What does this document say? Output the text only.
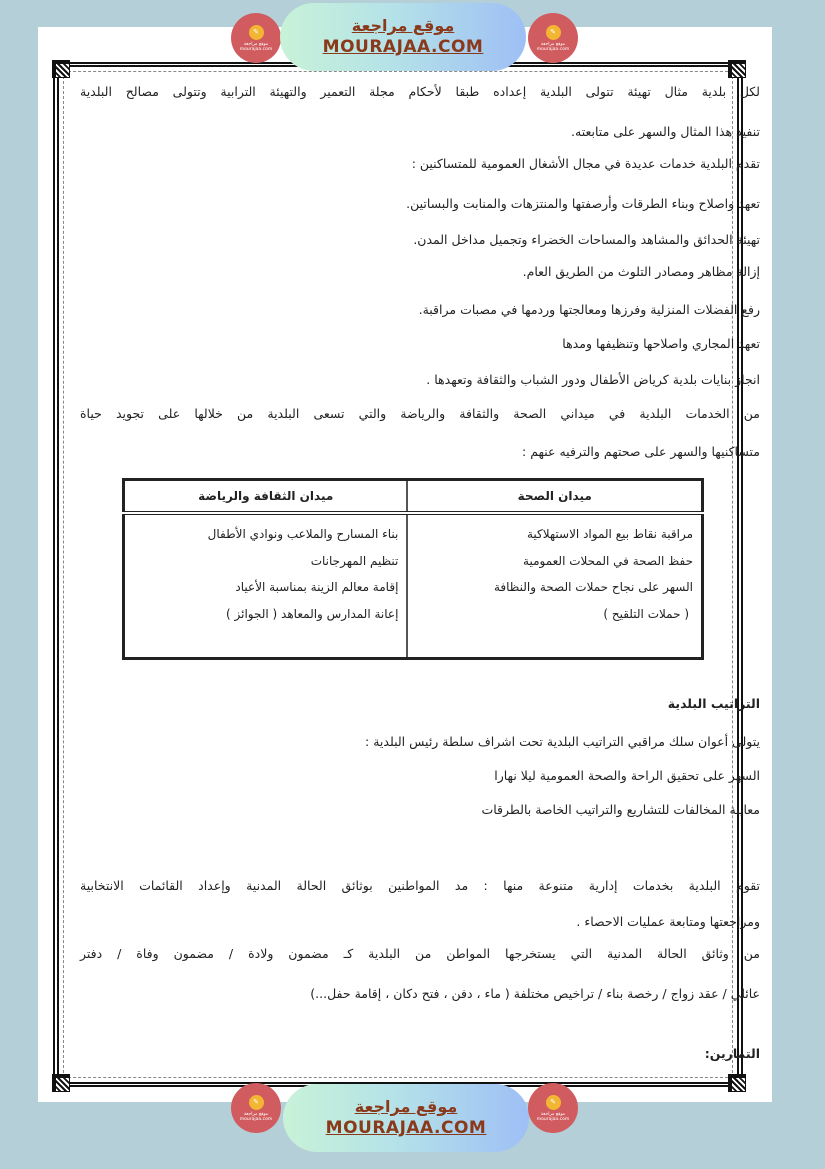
لكل بلدية مثال تهيئة تتولى البلدية إعداده طبقا لأحكام مجلة التعمير والتهيئة الترابية وتتولى مصالح البلدية
تنفيذ هذا المثال والسهر على متابعته.
تقدم البلدية خدمات عديدة في مجال الأشغال العمومية للمتساكنين :
تعهد واصلاح وبناء الطرقات وأرصفتها والمنتزهات والمنابت والبساتين.
تهيئة الحدائق والمشاهد والمساحات الخضراء وتجميل مداخل المدن.
إزالة مظاهر ومصادر التلوث من الطريق العام.
رفع الفضلات المنزلية وفرزها ومعالجتها وردمها في مصبات مراقبة.
تعهد المجاري واصلاحها وتنظيفها ومدها
انجاز بنايات بلدية كرياض الأطفال ودور الشباب والثقافة وتعهدها .
من الخدمات البلدية في ميداني الصحة والثقافة والرياضة والتي تسعى البلدية من خلالها على تجويد حياة
متساكنيها والسهر على صحتهم والترفيه عنهم :
التراتيب البلدية
يتولى أعوان سلك مراقبي التراتيب البلدية تحت اشراف سلطة رئيس البلدية :
السهر على تحقيق الراحة والصحة العمومية ليلا نهارا
معاينة المخالفات للتشاريع والتراتيب الخاصة بالطرقات
تقوم البلدية بخدمات إدارية متنوعة منها : مد المواطنين بوثائق الحالة المدنية وإعداد القائمات الانتخابية
ومراجعتها ومتابعة عمليات الاحصاء .
من وثائق الحالة المدنية التي يستخرجها المواطن من البلدية كـ مضمون ولادة / مضمون وفاة / دفتر
عائلي / عقد زواج / رخصة بناء / تراخيص مختلفة ( ماء ، دفن ، فتح دكان ، إقامة حفل...)
التمارين:
ميدان الصحة	ميدان الثقافة والرياضة

مراقبة نقاط بيع المواد الاستهلاكية
حفظ الصحة في المحلات العمومية
السهر على نجاح حملات الصحة والنظافة
( حملات التلقيح )

بناء المسارح والملاعب ونوادي الأطفال
تنظيم المهرجانات
إقامة معالم الزينة بمناسبة الأعياد
إعانة المدارس والمعاهد ( الجوائز )
✎
موقع مراجعة
mourajaa.com
موقع مراجعة
MOURAJAA.COM
✎
موقع مراجعة
mourajaa.com
✎
موقع مراجعة
mourajaa.com
موقع مراجعة
MOURAJAA.COM
✎
موقع مراجعة
mourajaa.com
